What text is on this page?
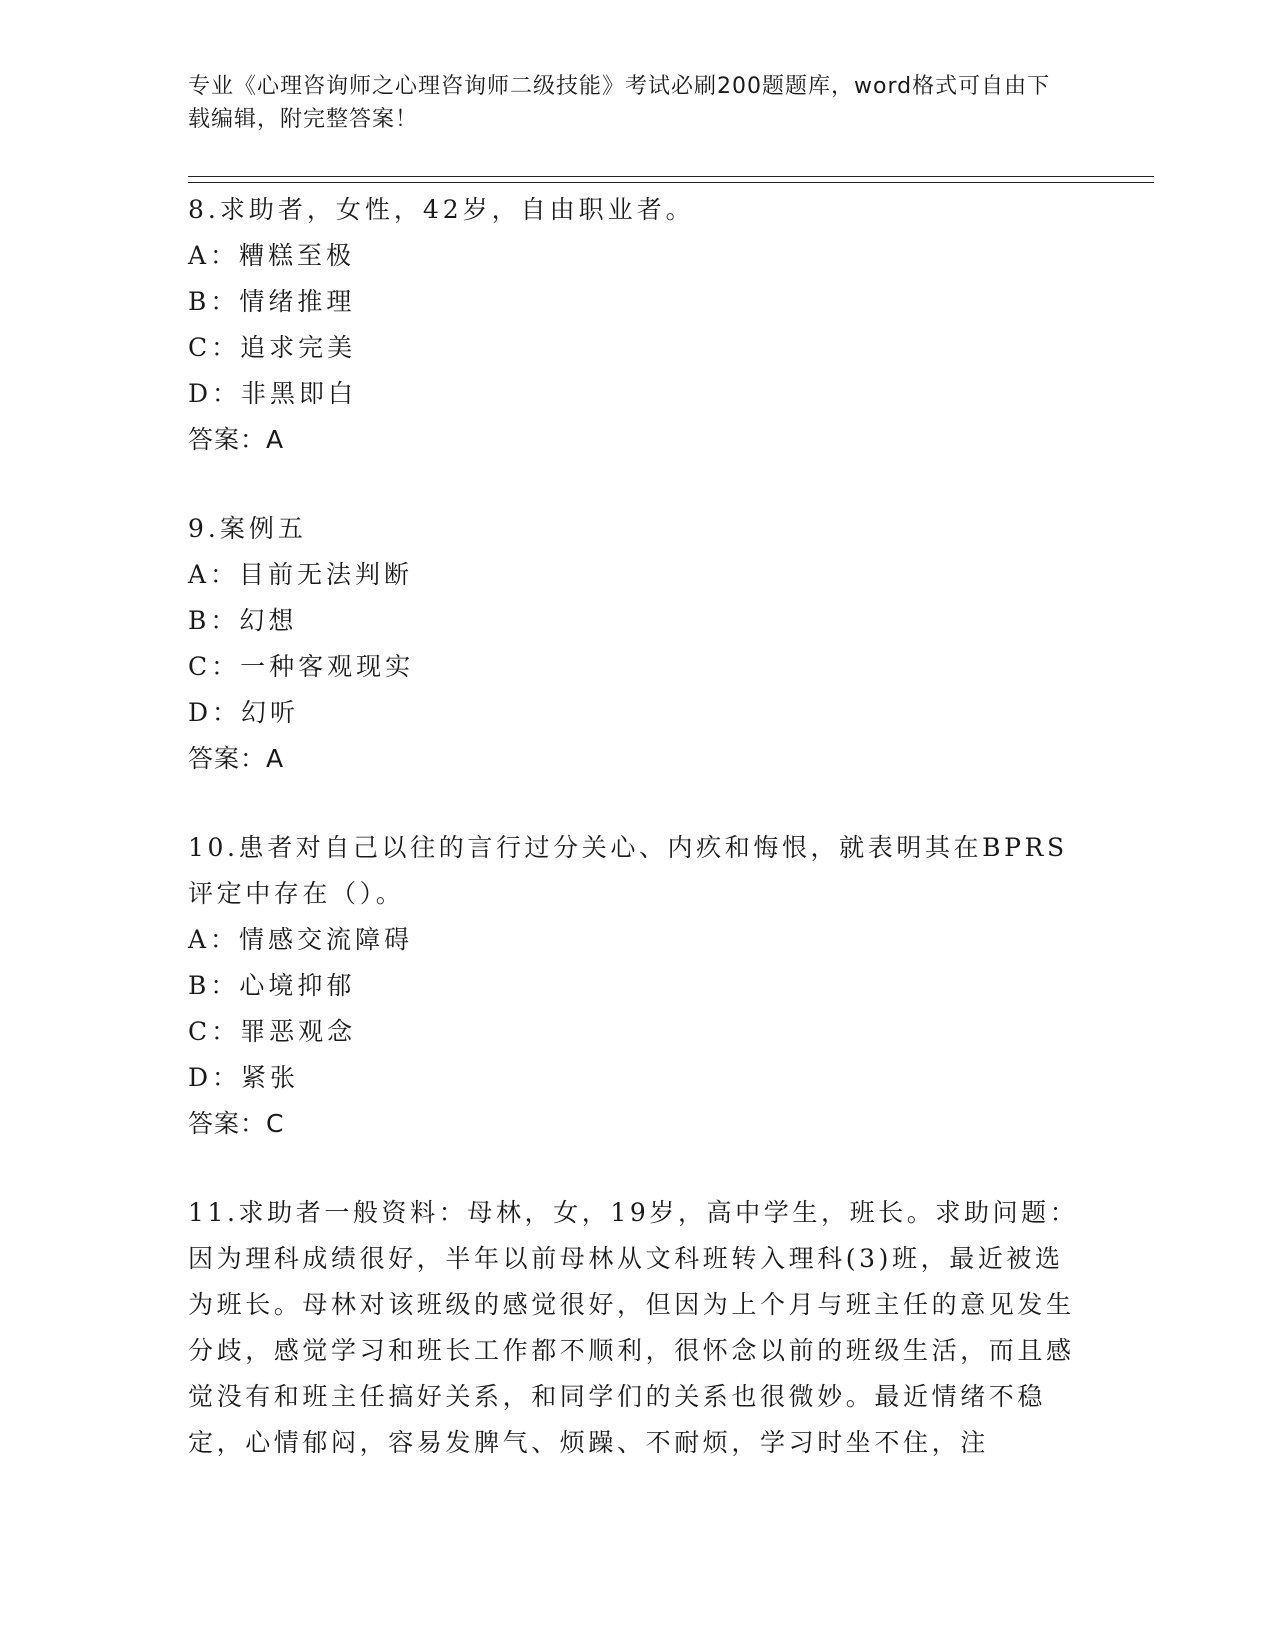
专业《心理咨询师之心理咨询师二级技能》考试必刷200题题库，word格式可自由下载编辑，附完整答案！
8.求助者，女性，42岁，自由职业者。
A：糟糕至极
B：情绪推理
C：追求完美
D：非黑即白
答案：A
9.案例五
A：目前无法判断
B：幻想
C：一种客观现实
D：幻听
答案：A
10.患者对自己以往的言行过分关心、内疚和悔恨，就表明其在BPRS评定中存在（）。
A：情感交流障碍
B：心境抑郁
C：罪恶观念
D：紧张
答案：C
11.求助者一般资料：母林，女，19岁，高中学生，班长。求助问题：因为理科成绩很好，半年以前母林从文科班转入理科(3)班，最近被选为班长。母林对该班级的感觉很好，但因为上个月与班主任的意见发生分歧，感觉学习和班长工作都不顺利，很怀念以前的班级生活，而且感觉没有和班主任搞好关系，和同学们的关系也很微妙。最近情绪不稳定，心情郁闷，容易发脾气、烦躁、不耐烦，学习时坐不住，注
